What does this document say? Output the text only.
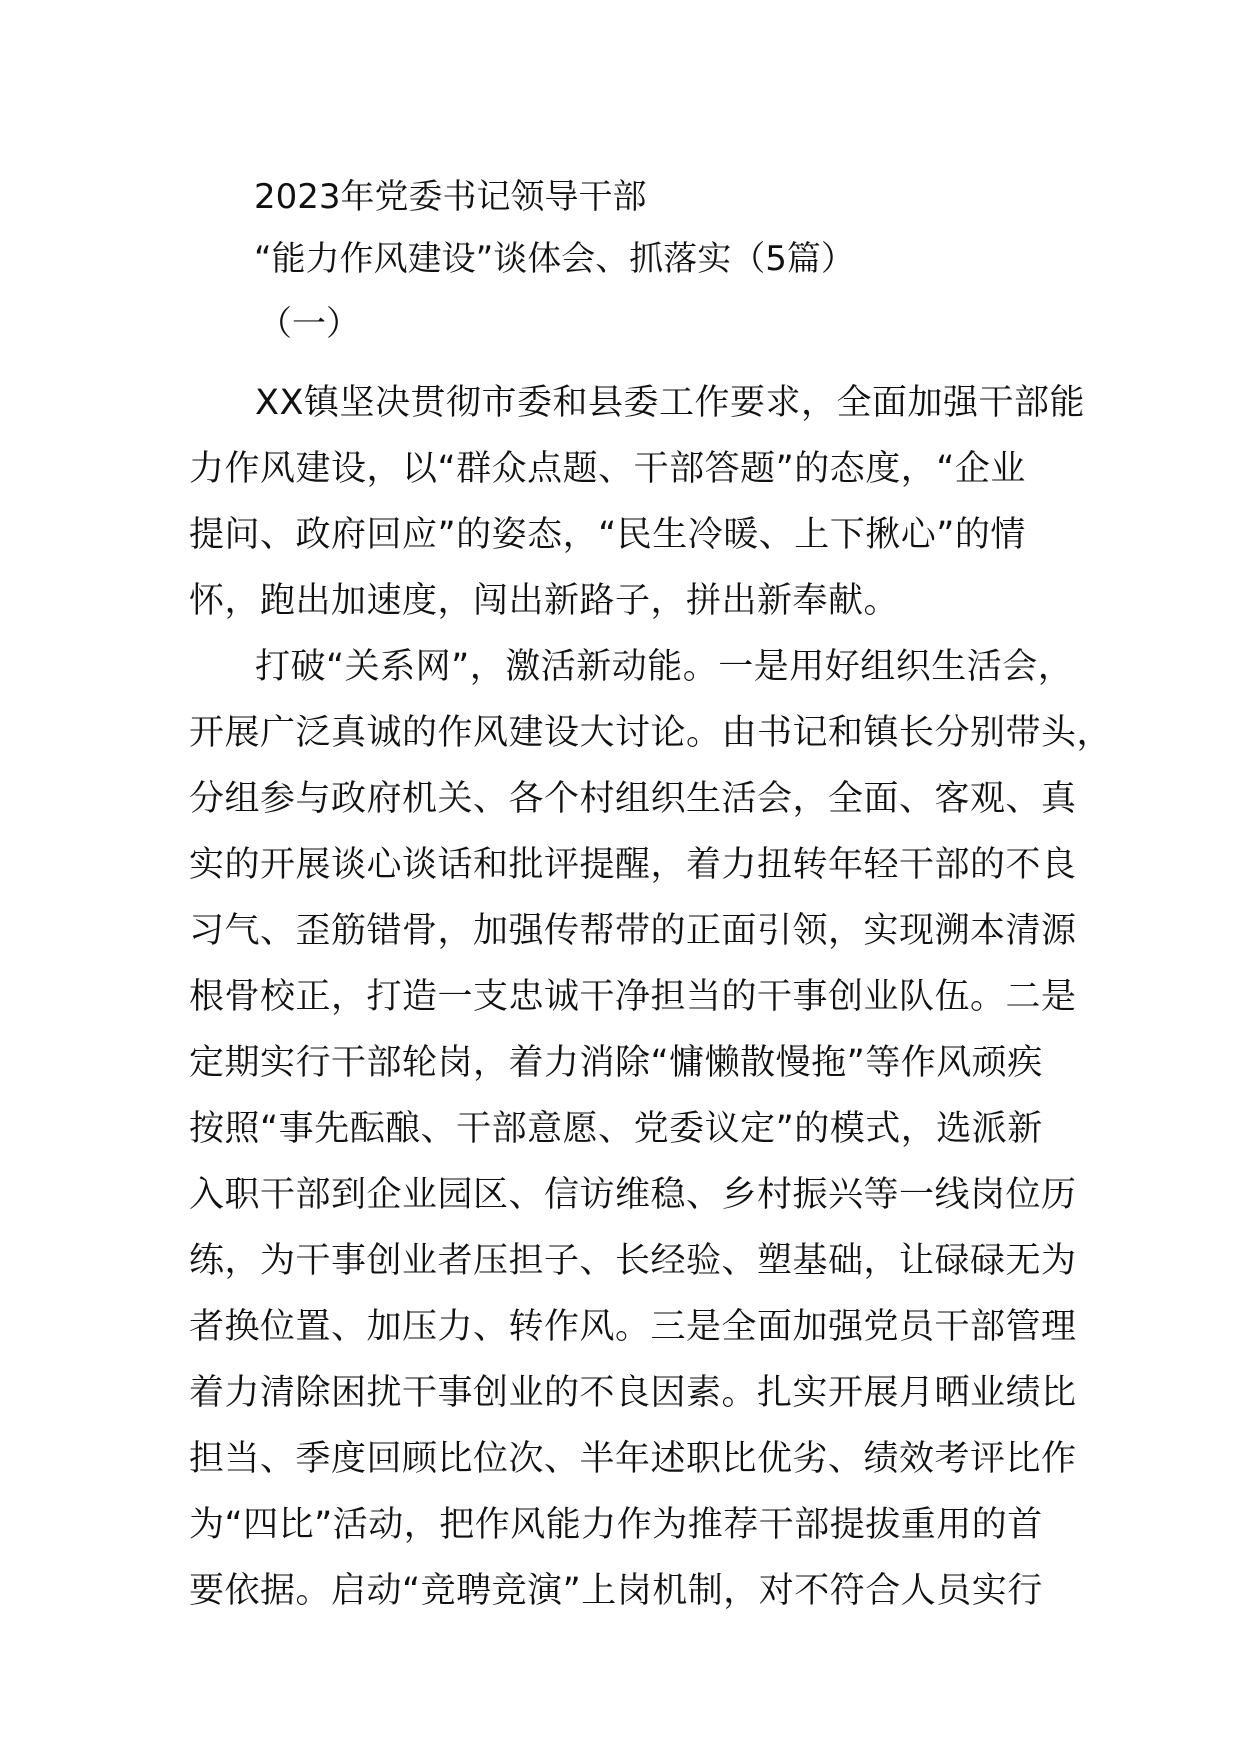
2023年党委书记领导干部
“能力作风建设”谈体会、抓落实（5篇）
（一）
XX镇坚决贯彻市委和县委工作要求，全面加强干部能
力作风建设，以“群众点题、干部答题”的态度，“企业
提问、政府回应”的姿态，“民生冷暖、上下揪心”的情
怀，跑出加速度，闯出新路子，拼出新奉献。
打破“关系网”，激活新动能。一是用好组织生活会，
开展广泛真诚的作风建设大讨论。由书记和镇长分别带头，
分组参与政府机关、各个村组织生活会，全面、客观、真
实的开展谈心谈话和批评提醒，着力扭转年轻干部的不良
习气、歪筋错骨，加强传帮带的正面引领，实现溯本清源
根骨校正，打造一支忠诚干净担当的干事创业队伍。二是
定期实行干部轮岗，着力消除“慵懒散慢拖”等作风顽疾
按照“事先酝酿、干部意愿、党委议定”的模式，选派新
入职干部到企业园区、信访维稳、乡村振兴等一线岗位历
练，为干事创业者压担子、长经验、塑基础，让碌碌无为
者换位置、加压力、转作风。三是全面加强党员干部管理
着力清除困扰干事创业的不良因素。扎实开展月晒业绩比
担当、季度回顾比位次、半年述职比优劣、绩效考评比作
为“四比”活动，把作风能力作为推荐干部提拔重用的首
要依据。启动“竞聘竞演”上岗机制，对不符合人员实行
